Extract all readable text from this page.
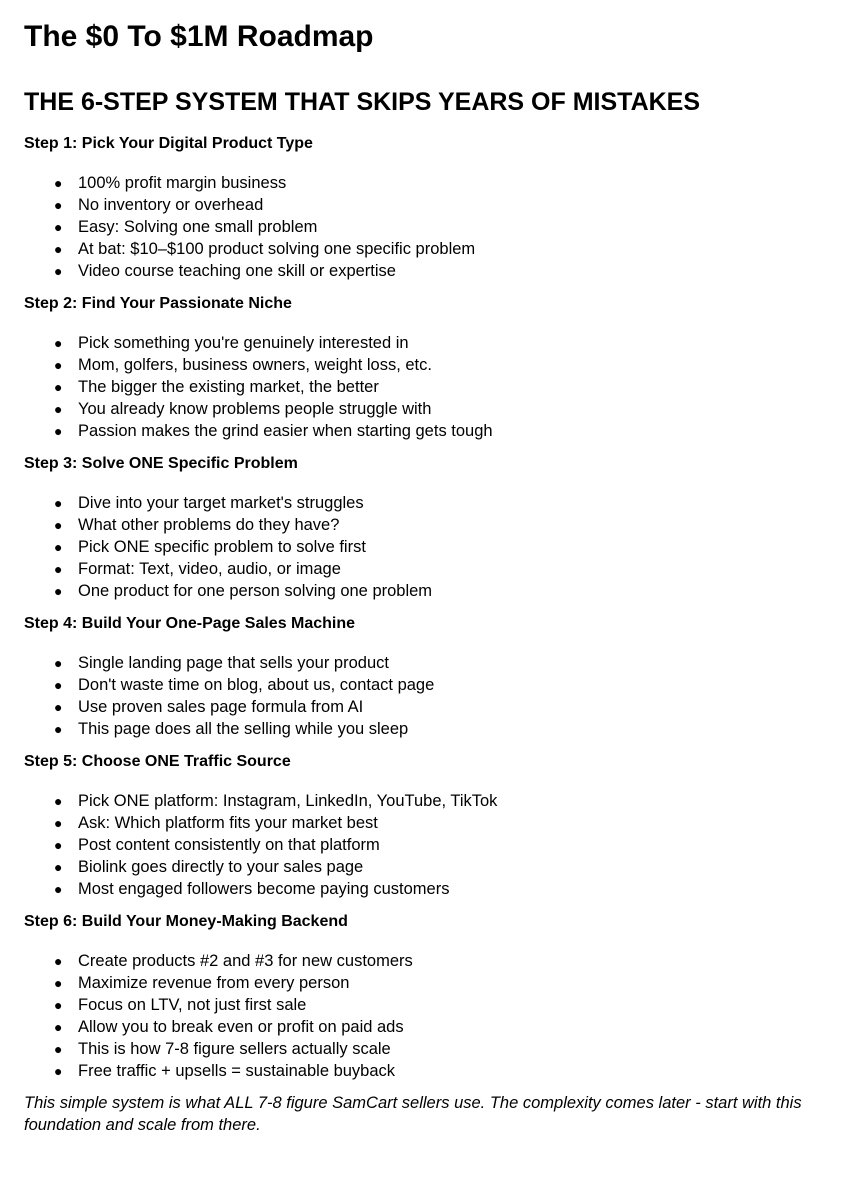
The $0 To $1M Roadmap
THE 6-STEP SYSTEM THAT SKIPS YEARS OF MISTAKES
Step 1: Pick Your Digital Product Type
● 100% profit margin business
● No inventory or overhead
● Easy: Solving one small problem
● At bat: $10–$100 product solving one specific problem
● Video course teaching one skill or expertise
Step 2: Find Your Passionate Niche
● Pick something you're genuinely interested in
● Mom, golfers, business owners, weight loss, etc.
● The bigger the existing market, the better
● You already know problems people struggle with
● Passion makes the grind easier when starting gets tough
Step 3: Solve ONE Specific Problem
● Dive into your target market's struggles
● What other problems do they have?
● Pick ONE specific problem to solve first
● Format: Text, video, audio, or image
● One product for one person solving one problem
Step 4: Build Your One-Page Sales Machine
● Single landing page that sells your product
● Don't waste time on blog, about us, contact page
● Use proven sales page formula from AI
● This page does all the selling while you sleep
Step 5: Choose ONE Traffic Source
● Pick ONE platform: Instagram, LinkedIn, YouTube, TikTok
● Ask: Which platform fits your market best
● Post content consistently on that platform
● Biolink goes directly to your sales page
● Most engaged followers become paying customers
Step 6: Build Your Money-Making Backend
● Create products #2 and #3 for new customers
● Maximize revenue from every person
● Focus on LTV, not just first sale
● Allow you to break even or profit on paid ads
● This is how 7-8 figure sellers actually scale
● Free traffic + upsells = sustainable buyback

This simple system is what ALL 7-8 figure SamCart sellers use. The complexity comes later - start with this foundation and scale from there.
